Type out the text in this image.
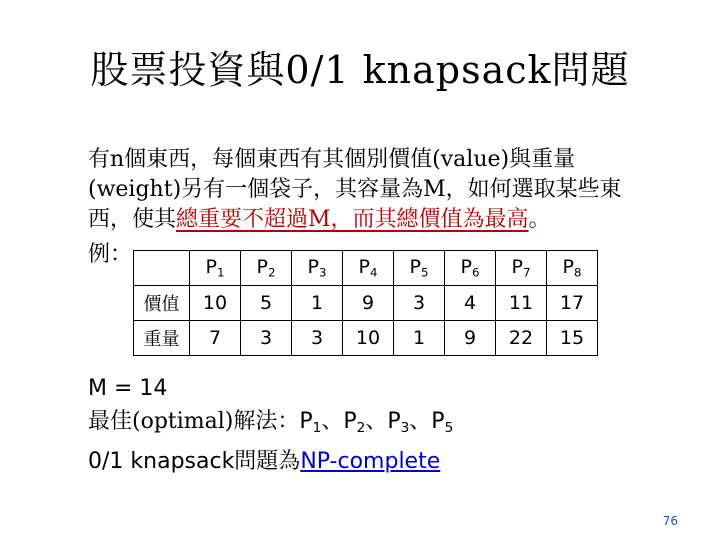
股票投資與0/1 knapsack問題
有n個東西，每個東西有其個別價值(value)與重量(weight)另有一個袋子，其容量為M，如何選取某些東西，使其總重要不超過M，而其總價值為最高。
例：
	$P_1$	$P_2$	$P_3$	$P_4$	$P_5$	$P_6$	$P_7$	$P_8$
價值	10	5	1	9	3	4	11	17
重量	7	3	3	10	1	9	22	15
M = 14
最佳(optimal)解法：$P_1$、$P_2$、$P_3$、$P_5$
0/1 knapsack問題為NP-complete
76
